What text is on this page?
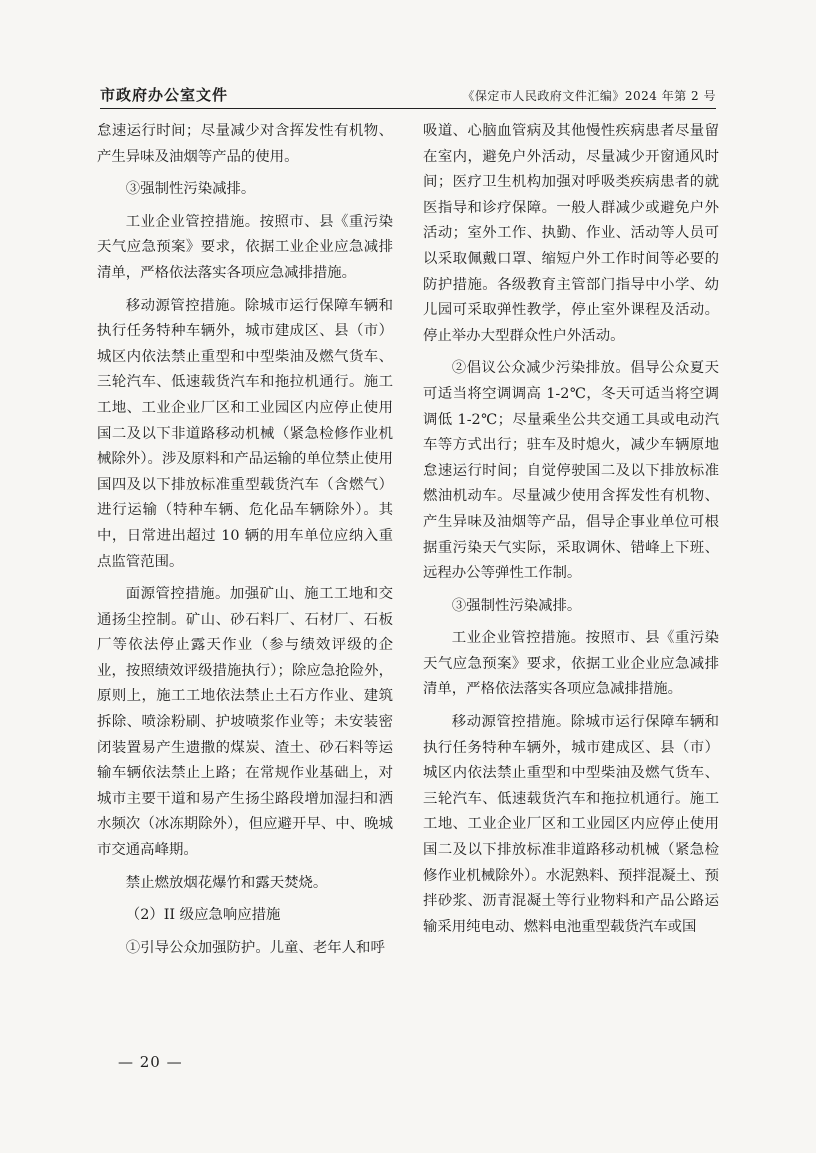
市政府办公室文件	《保定市人民政府文件汇编》2024 年第 2 号

怠速运行时间；尽量减少对含挥发性有机物、产生异味及油烟等产品的使用。

③强制性污染减排。

工业企业管控措施。按照市、县《重污染天气应急预案》要求，依据工业企业应急减排清单，严格依法落实各项应急减排措施。

移动源管控措施。除城市运行保障车辆和执行任务特种车辆外，城市建成区、县（市）城区内依法禁止重型和中型柴油及燃气货车、三轮汽车、低速载货汽车和拖拉机通行。施工工地、工业企业厂区和工业园区内应停止使用国二及以下非道路移动机械（紧急检修作业机械除外）。涉及原料和产品运输的单位禁止使用国四及以下排放标准重型载货汽车（含燃气）进行运输（特种车辆、危化品车辆除外）。其中，日常进出超过 10 辆的用车单位应纳入重点监管范围。

面源管控措施。加强矿山、施工工地和交通扬尘控制。矿山、砂石料厂、石材厂、石板厂等依法停止露天作业（参与绩效评级的企业，按照绩效评级措施执行）；除应急抢险外，原则上，施工工地依法禁止土石方作业、建筑拆除、喷涂粉刷、护坡喷浆作业等；未安装密闭装置易产生遗撒的煤炭、渣土、砂石料等运输车辆依法禁止上路；在常规作业基础上，对城市主要干道和易产生扬尘路段增加湿扫和洒水频次（冰冻期除外），但应避开早、中、晚城市交通高峰期。

禁止燃放烟花爆竹和露天焚烧。

（2）II 级应急响应措施

①引导公众加强防护。儿童、老年人和呼

吸道、心脑血管病及其他慢性疾病患者尽量留在室内，避免户外活动，尽量减少开窗通风时间；医疗卫生机构加强对呼吸类疾病患者的就医指导和诊疗保障。一般人群减少或避免户外活动；室外工作、执勤、作业、活动等人员可以采取佩戴口罩、缩短户外工作时间等必要的防护措施。各级教育主管部门指导中小学、幼儿园可采取弹性教学，停止室外课程及活动。停止举办大型群众性户外活动。

②倡议公众减少污染排放。倡导公众夏天可适当将空调调高 1-2℃，冬天可适当将空调调低 1-2℃；尽量乘坐公共交通工具或电动汽车等方式出行；驻车及时熄火，减少车辆原地怠速运行时间；自觉停驶国二及以下排放标准燃油机动车。尽量减少使用含挥发性有机物、产生异味及油烟等产品，倡导企事业单位可根据重污染天气实际，采取调休、错峰上下班、远程办公等弹性工作制。

③强制性污染减排。

工业企业管控措施。按照市、县《重污染天气应急预案》要求，依据工业企业应急减排清单，严格依法落实各项应急减排措施。

移动源管控措施。除城市运行保障车辆和执行任务特种车辆外，城市建成区、县（市）城区内依法禁止重型和中型柴油及燃气货车、三轮汽车、低速载货汽车和拖拉机通行。施工工地、工业企业厂区和工业园区内应停止使用国二及以下排放标准非道路移动机械（紧急检修作业机械除外）。水泥熟料、预拌混凝土、预拌砂浆、沥青混凝土等行业物料和产品公路运输采用纯电动、燃料电池重型载货汽车或国

— 20 —
